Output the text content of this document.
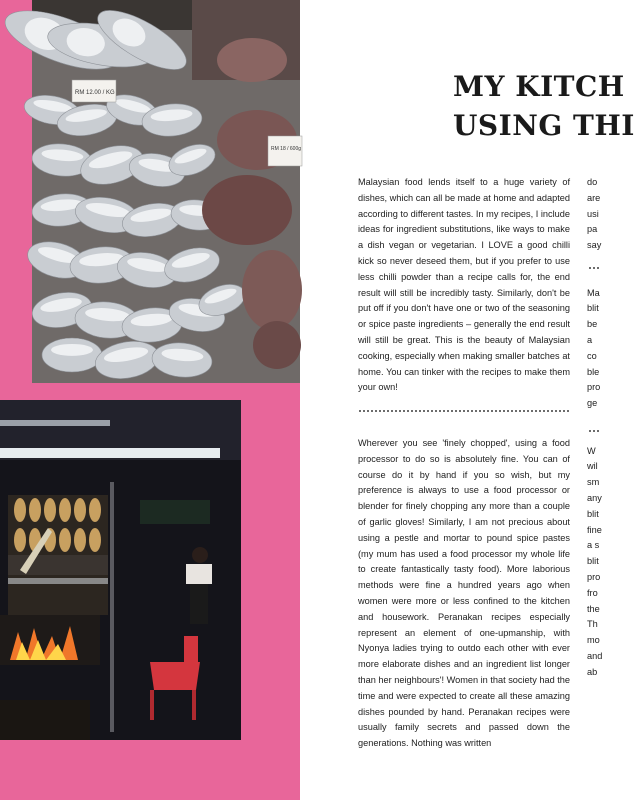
RM 12.00 / KG
RM 18 / 600g
MY KITCH
USING THI

Malaysian food lends itself to a huge variety of dishes, which can all be made at home and adapted according to different tastes. In my recipes, I include ideas for ingredient substitutions, like ways to make a dish vegan or vegetarian. I LOVE a good chilli kick so never deseed them, but if you prefer to use less chilli powder than a recipe calls for, the end result will still be incredibly tasty. Similarly, don't be put off if you don't have one or two of the seasoning or spice paste ingredients – generally the end result will still be great. This is the beauty of Malaysian cooking, especially when making smaller batches at home. You can tinker with the recipes to make them your own!

Wherever you see 'finely chopped', using a food processor to do so is absolutely fine. You can of course do it by hand if you so wish, but my preference is always to use a food processor or blender for finely chopping any more than a couple of garlic gloves! Similarly, I am not precious about using a pestle and mortar to pound spice pastes (my mum has used a food processor my whole life to create fantastically tasty food). More laborious methods were fine a hundred years ago when women were more or less confined to the kitchen and housework. Peranakan recipes especially represent an element of one-upmanship, with Nyonya ladies trying to outdo each other with ever more elaborate dishes and an ingredient list longer than her neighbours'! Women in that society had the time and were expected to create all these amazing dishes pounded by hand. Peranakan recipes were usually family secrets and passed down the generations. Nothing was written

do
are
usi
pa
say

Ma
blit
be
a
co
ble
pro
ge

W
wil
sm
any
blit
fine
a s
blit
pro
fro
the
Th
mo
and
ab
